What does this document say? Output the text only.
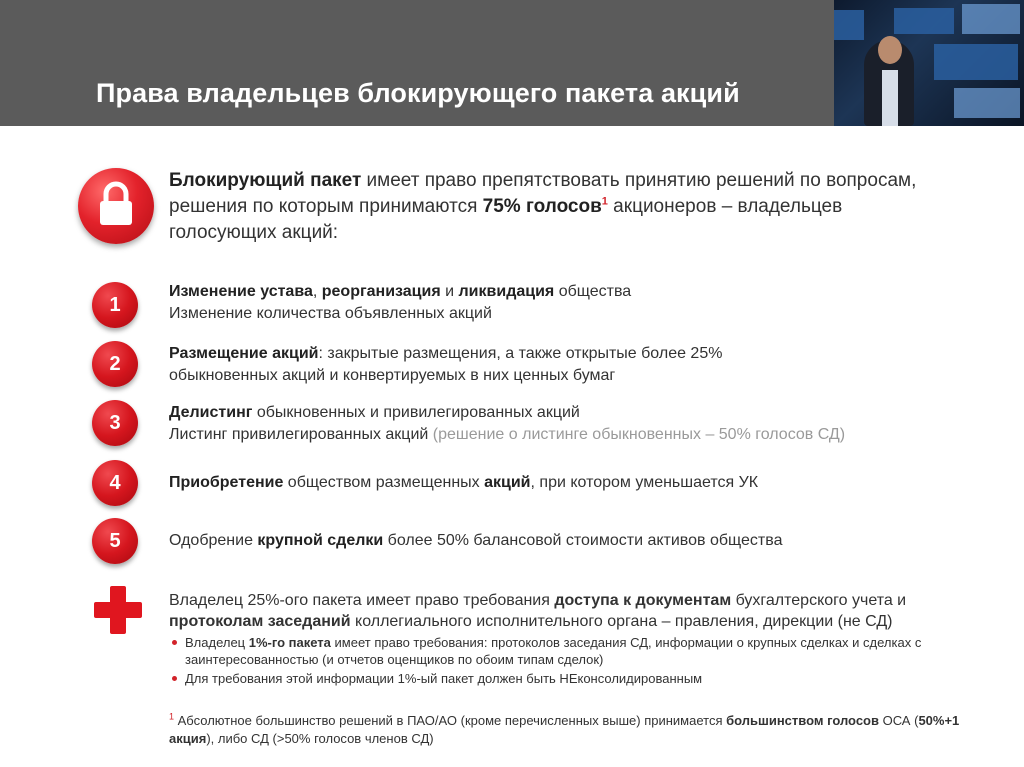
Права владельцев блокирующего пакета акций
Блокирующий пакет имеет право препятствовать принятию решений по вопросам, решения по которым принимаются 75% голосов$^1$ акционеров – владельцев голосующих акций:
1
Изменение устава, реорганизация и ликвидация общества
Изменение количества объявленных акций
2	Размещение акций: закрытые размещения, а также открытые более 25% обыкновенных акций и конвертируемых в них ценных бумаг
3	Делистинг обыкновенных и привилегированных акций
Листинг привилегированных акций (решение о листинге обыкновенных – 50% голосов СД)
4	Приобретение обществом размещенных акций, при котором уменьшается УК
5	Одобрение крупной сделки более 50% балансовой стоимости активов общества
Владелец 25%-ого пакета имеет право требования доступа к документам бухгалтерского учета и протоколам заседаний коллегиального исполнительного органа – правления, дирекции (не СД)
Владелец 1%-го пакета имеет право требования: протоколов заседания СД, информации о крупных сделках и сделках с заинтересованностью (и отчетов оценщиков по обоим типам сделок)
Для требования этой информации 1%-ый пакет должен быть НЕконсолидированным
$^1$ Абсолютное большинство решений в ПАО/АО (кроме перечисленных выше) принимается большинством голосов ОСА (50%+1 акция), либо СД (>50% голосов членов СД)
